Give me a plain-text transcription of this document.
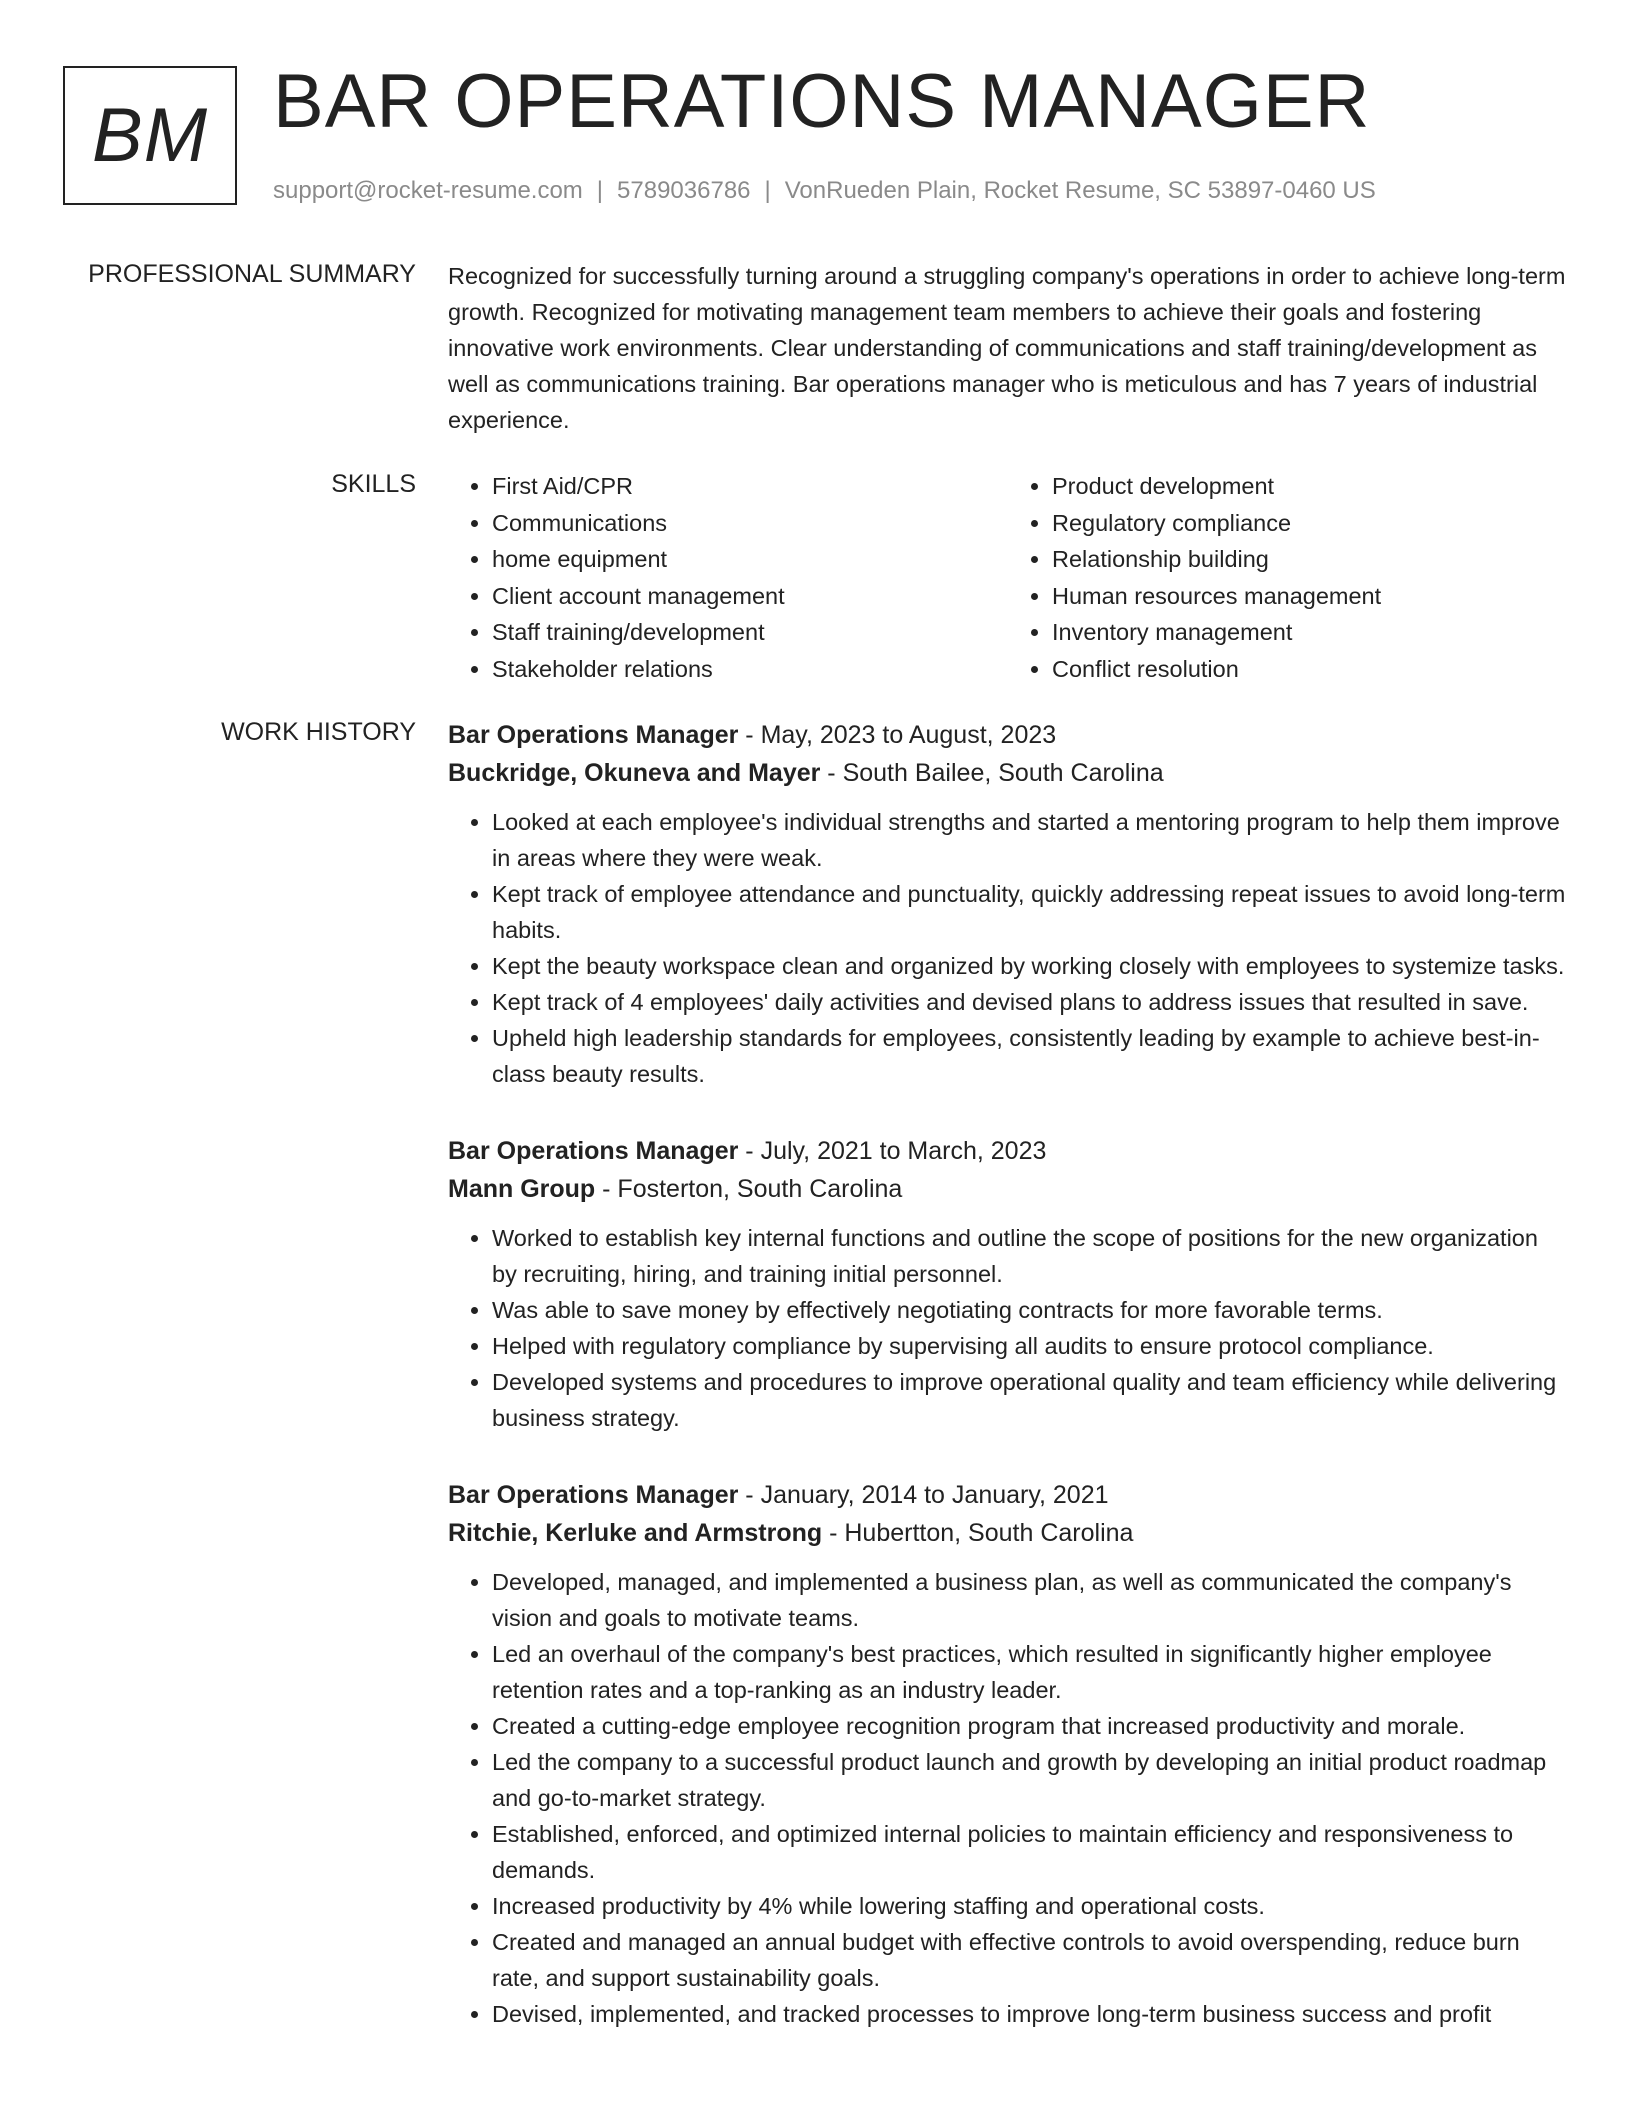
BM BAR OPERATIONS MANAGER
support@rocket-resume.com | 5789036786 | VonRueden Plain, Rocket Resume, SC 53897-0460 US
PROFESSIONAL SUMMARY Recognized for successfully turning around a struggling company's operations in order to achieve long-term growth. Recognized for motivating management team members to achieve their goals and fostering innovative work environments. Clear understanding of communications and staff training/development as well as communications training. Bar operations manager who is meticulous and has 7 years of industrial experience.

SKILLS
•	First Aid/CPR
• Communications
• home equipment
• Client account management
• Staff training/development
• Stakeholder relations
• Product development
• Regulatory compliance
• Relationship building
• Human resources management
• Inventory management
• Conflict resolution
WORK HISTORY Bar Operations Manager - May, 2023 to August, 2023
Buckridge, Okuneva and Mayer - South Bailee, South Carolina
• Looked at each employee's individual strengths and started a mentoring program to help them improve in areas where they were weak.
• Kept track of employee attendance and punctuality, quickly addressing repeat issues to avoid long-term habits.
• Kept the beauty workspace clean and organized by working closely with employees to systemize tasks.
• Kept track of 4 employees' daily activities and devised plans to address issues that resulted in save.
• Upheld high leadership standards for employees, consistently leading by example to achieve best-in-class beauty results.
Bar Operations Manager - July, 2021 to March, 2023
Mann Group - Fosterton, South Carolina
• Worked to establish key internal functions and outline the scope of positions for the new organization by recruiting, hiring, and training initial personnel.
• Was able to save money by effectively negotiating contracts for more favorable terms.
• Helped with regulatory compliance by supervising all audits to ensure protocol compliance.
• Developed systems and procedures to improve operational quality and team efficiency while delivering business strategy.
Bar Operations Manager - January, 2014 to January, 2021
Ritchie, Kerluke and Armstrong - Hubertton, South Carolina
• Developed, managed, and implemented a business plan, as well as communicated the company's vision and goals to motivate teams.
• Led an overhaul of the company's best practices, which resulted in significantly higher employee retention rates and a top-ranking as an industry leader.
• Created a cutting-edge employee recognition program that increased productivity and morale.
• Led the company to a successful product launch and growth by developing an initial product roadmap and go-to-market strategy.
• Established, enforced, and optimized internal policies to maintain efficiency and responsiveness to demands.
• Increased productivity by 4% while lowering staffing and operational costs.
• Created and managed an annual budget with effective controls to avoid overspending, reduce burn rate, and support sustainability goals.
• Devised, implemented, and tracked processes to improve long-term business success and profit
